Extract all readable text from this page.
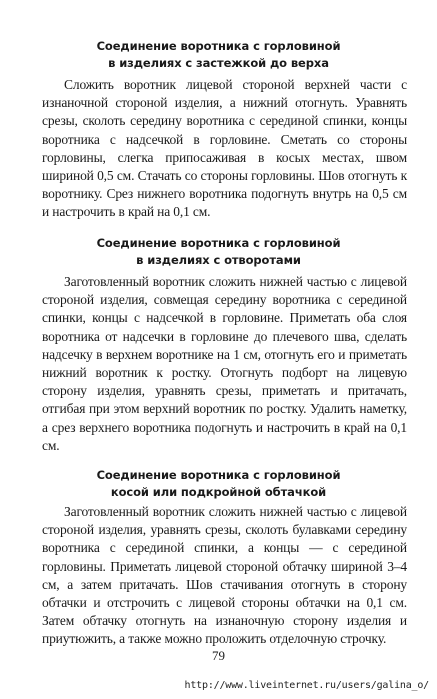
Соединение воротника с горловиной
в изделиях с застежкой до верха
Сложить воротник лицевой стороной верхней части с изнаночной стороной изделия, а нижний отогнуть. Уравнять срезы, сколоть середину воротника с серединой спинки, концы воротника с надсечкой в горловине. Сметать со стороны горловины, слегка припосаживая в косых местах, швом шириной 0,5 см. Стачать со стороны горловины. Шов отогнуть к воротнику. Срез нижнего воротника подогнуть внутрь на 0,5 см и настрочить в край на 0,1 см.
Соединение воротника с горловиной
в изделиях с отворотами
Заготовленный воротник сложить нижней частью с лицевой стороной изделия, совмещая середину воротника с серединой спинки, концы с надсечкой в горловине. Приметать оба слоя воротника от надсечки в горловине до плечевого шва, сделать надсечку в верхнем воротнике на 1 см, отогнуть его и приметать нижний воротник к ростку. Отогнуть подборт на лицевую сторону изделия, уравнять срезы, приметать и притачать, отгибая при этом верхний воротник по ростку. Удалить наметку, а срез верхнего воротника подогнуть и настрочить в край на 0,1 см.
Соединение воротника с горловиной
косой или подкройной обтачкой
Заготовленный воротник сложить нижней частью с лицевой стороной изделия, уравнять срезы, сколоть булавками середину воротника с серединой спинки, а концы — с серединой горловины. Приметать лицевой стороной обтачку шириной 3–4 см, а затем притачать. Шов стачивания отогнуть в сторону обтачки и отстрочить с лицевой стороны обтачки на 0,1 см. Затем обтачку отогнуть на изнаночную сторону изделия и приутюжить, а также можно проложить отделочную строчку.
79
http://www.liveinternet.ru/users/galina_o/
